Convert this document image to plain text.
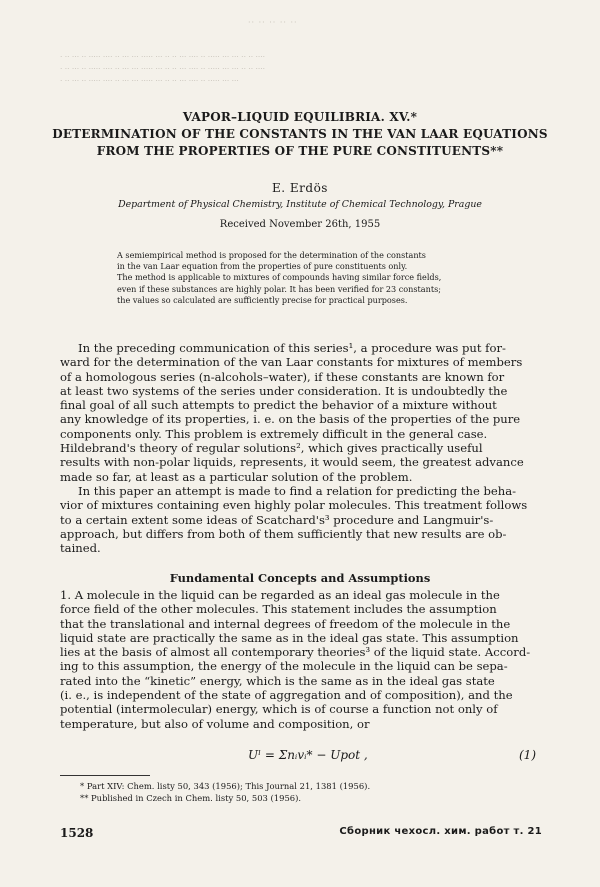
·· ·· ·· ·· ··
· ·· ··· ·· ····· ···· ·· ··· ··· ····· ··· ·· ·· ··· ···· ·· ····· ··· ··· ·· ·· ····
· ·· ··· ·· ····· ···· ·· ··· ··· ····· ··· ·· ·· ··· ···· ·· ····· ··· ··· ·· ·· ····
· ·· ··· ·· ····· ···· ·· ··· ··· ····· ··· ·· ·· ··· ···· ·· ····· ··· ···
VAPOR–LIQUID EQUILIBRIA. XV.*
DETERMINATION OF THE CONSTANTS IN THE VAN LAAR EQUATIONS
FROM THE PROPERTIES OF THE PURE CONSTITUENTS**
E. Erdös
Department of Physical Chemistry, Institute of Chemical Technology, Prague
Received November 26th, 1955
A semiempirical method is proposed for the determination of the constants
in the van Laar equation from the properties of pure constituents only.
The method is applicable to mixtures of compounds having similar force fields,
even if these substances are highly polar. It has been verified for 23 constants;
the values so calculated are sufficiently precise for practical purposes.
In the preceding communication of this series¹, a procedure was put for-
ward for the determination of the van Laar constants for mixtures of members
of a homologous series (n-alcohols–water), if these constants are known for
at least two systems of the series under consideration. It is undoubtedly the
final goal of all such attempts to predict the behavior of a mixture without
any knowledge of its properties, i. e. on the basis of the properties of the pure
components only. This problem is extremely difficult in the general case.
Hildebrand's theory of regular solutions², which gives practically useful
results with non-polar liquids, represents, it would seem, the greatest advance
made so far, at least as a particular solution of the problem.
In this paper an attempt is made to find a relation for predicting the beha-
vior of mixtures containing even highly polar molecules. This treatment follows
to a certain extent some ideas of Scatchard's³ procedure and Langmuir's-
approach, but differs from both of them sufficiently that new results are ob-
tained.
Fundamental Concepts and Assumptions
1. A molecule in the liquid can be regarded as an ideal gas molecule in the
force field of the other molecules. This statement includes the assumption
that the translational and internal degrees of freedom of the molecule in the
liquid state are practically the same as in the ideal gas state. This assumption
lies at the basis of almost all contemporary theories³ of the liquid state. Accord-
ing to this assumption, the energy of the molecule in the liquid can be sepa-
rated into the “kinetic” energy, which is the same as in the ideal gas state
(i. e., is independent of the state of aggregation and of composition), and the
potential (intermolecular) energy, which is of course a function not only of
temperature, but also of volume and composition, or
Uˡ = Σnᵢvᵢ* − Upot ,	(1)
* Part XIV: Chem. listy 50, 343 (1956); This Journal 21, 1381 (1956).
** Published in Czech in Chem. listy 50, 503 (1956).
1528	Сборник чехосл. хим. работ т. 21
